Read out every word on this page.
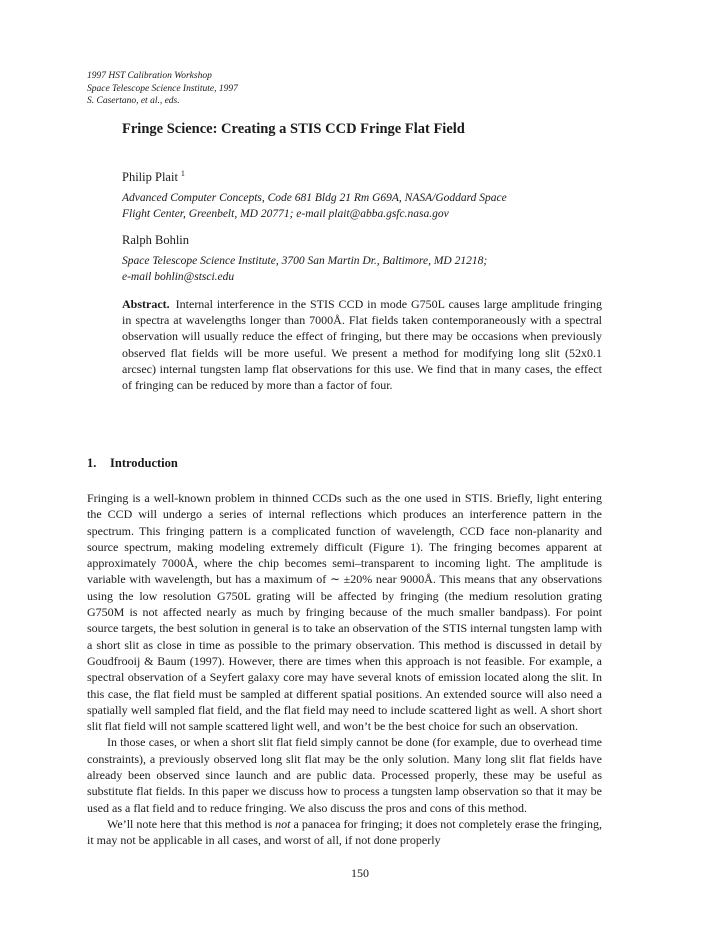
1997 HST Calibration Workshop
Space Telescope Science Institute, 1997
S. Casertano, et al., eds.
Fringe Science: Creating a STIS CCD Fringe Flat Field
Philip Plait $^1$
Advanced Computer Concepts, Code 681 Bldg 21 Rm G69A, NASA/Goddard Space
Flight Center, Greenbelt, MD 20771; e-mail plait@abba.gsfc.nasa.gov
Ralph Bohlin
Space Telescope Science Institute, 3700 San Martin Dr., Baltimore, MD 21218;
e-mail bohlin@stsci.edu
Abstract. Internal interference in the STIS CCD in mode G750L causes large amplitude fringing in spectra at wavelengths longer than 7000Å. Flat fields taken contemporaneously with a spectral observation will usually reduce the effect of fringing, but there may be occasions when previously observed flat fields will be more useful. We present a method for modifying long slit (52x0.1 arcsec) internal tungsten lamp flat observations for this use. We find that in many cases, the effect of fringing can be reduced by more than a factor of four.
1. Introduction

Fringing is a well-known problem in thinned CCDs such as the one used in STIS. Briefly, light entering the CCD will undergo a series of internal reflections which produces an interference pattern in the spectrum. This fringing pattern is a complicated function of wavelength, CCD face non-planarity and source spectrum, making modeling extremely difficult (Figure 1). The fringing becomes apparent at approximately 7000Å, where the chip becomes semi–transparent to incoming light. The amplitude is variable with wavelength, but has a maximum of ∼ ±20% near 9000Å. This means that any observations using the low resolution G750L grating will be affected by fringing (the medium resolution grating G750M is not affected nearly as much by fringing because of the much smaller bandpass). For point source targets, the best solution in general is to take an observation of the STIS internal tungsten lamp with a short slit as close in time as possible to the primary observation. This method is discussed in detail by Goudfrooij & Baum (1997). However, there are times when this approach is not feasible. For example, a spectral observation of a Seyfert galaxy core may have several knots of emission located along the slit. In this case, the flat field must be sampled at different spatial positions. An extended source will also need a spatially well sampled flat field, and the flat field may need to include scattered light as well. A short short slit flat field will not sample scattered light well, and won’t be the best choice for such an observation.

In those cases, or when a short slit flat field simply cannot be done (for example, due to overhead time constraints), a previously observed long slit flat may be the only solution. Many long slit flat fields have already been observed since launch and are public data. Processed properly, these may be useful as substitute flat fields. In this paper we discuss how to process a tungsten lamp observation so that it may be used as a flat field and to reduce fringing. We also discuss the pros and cons of this method.

We’ll note here that this method is not a panacea for fringing; it does not completely erase the fringing, it may not be applicable in all cases, and worst of all, if not done properly

150
